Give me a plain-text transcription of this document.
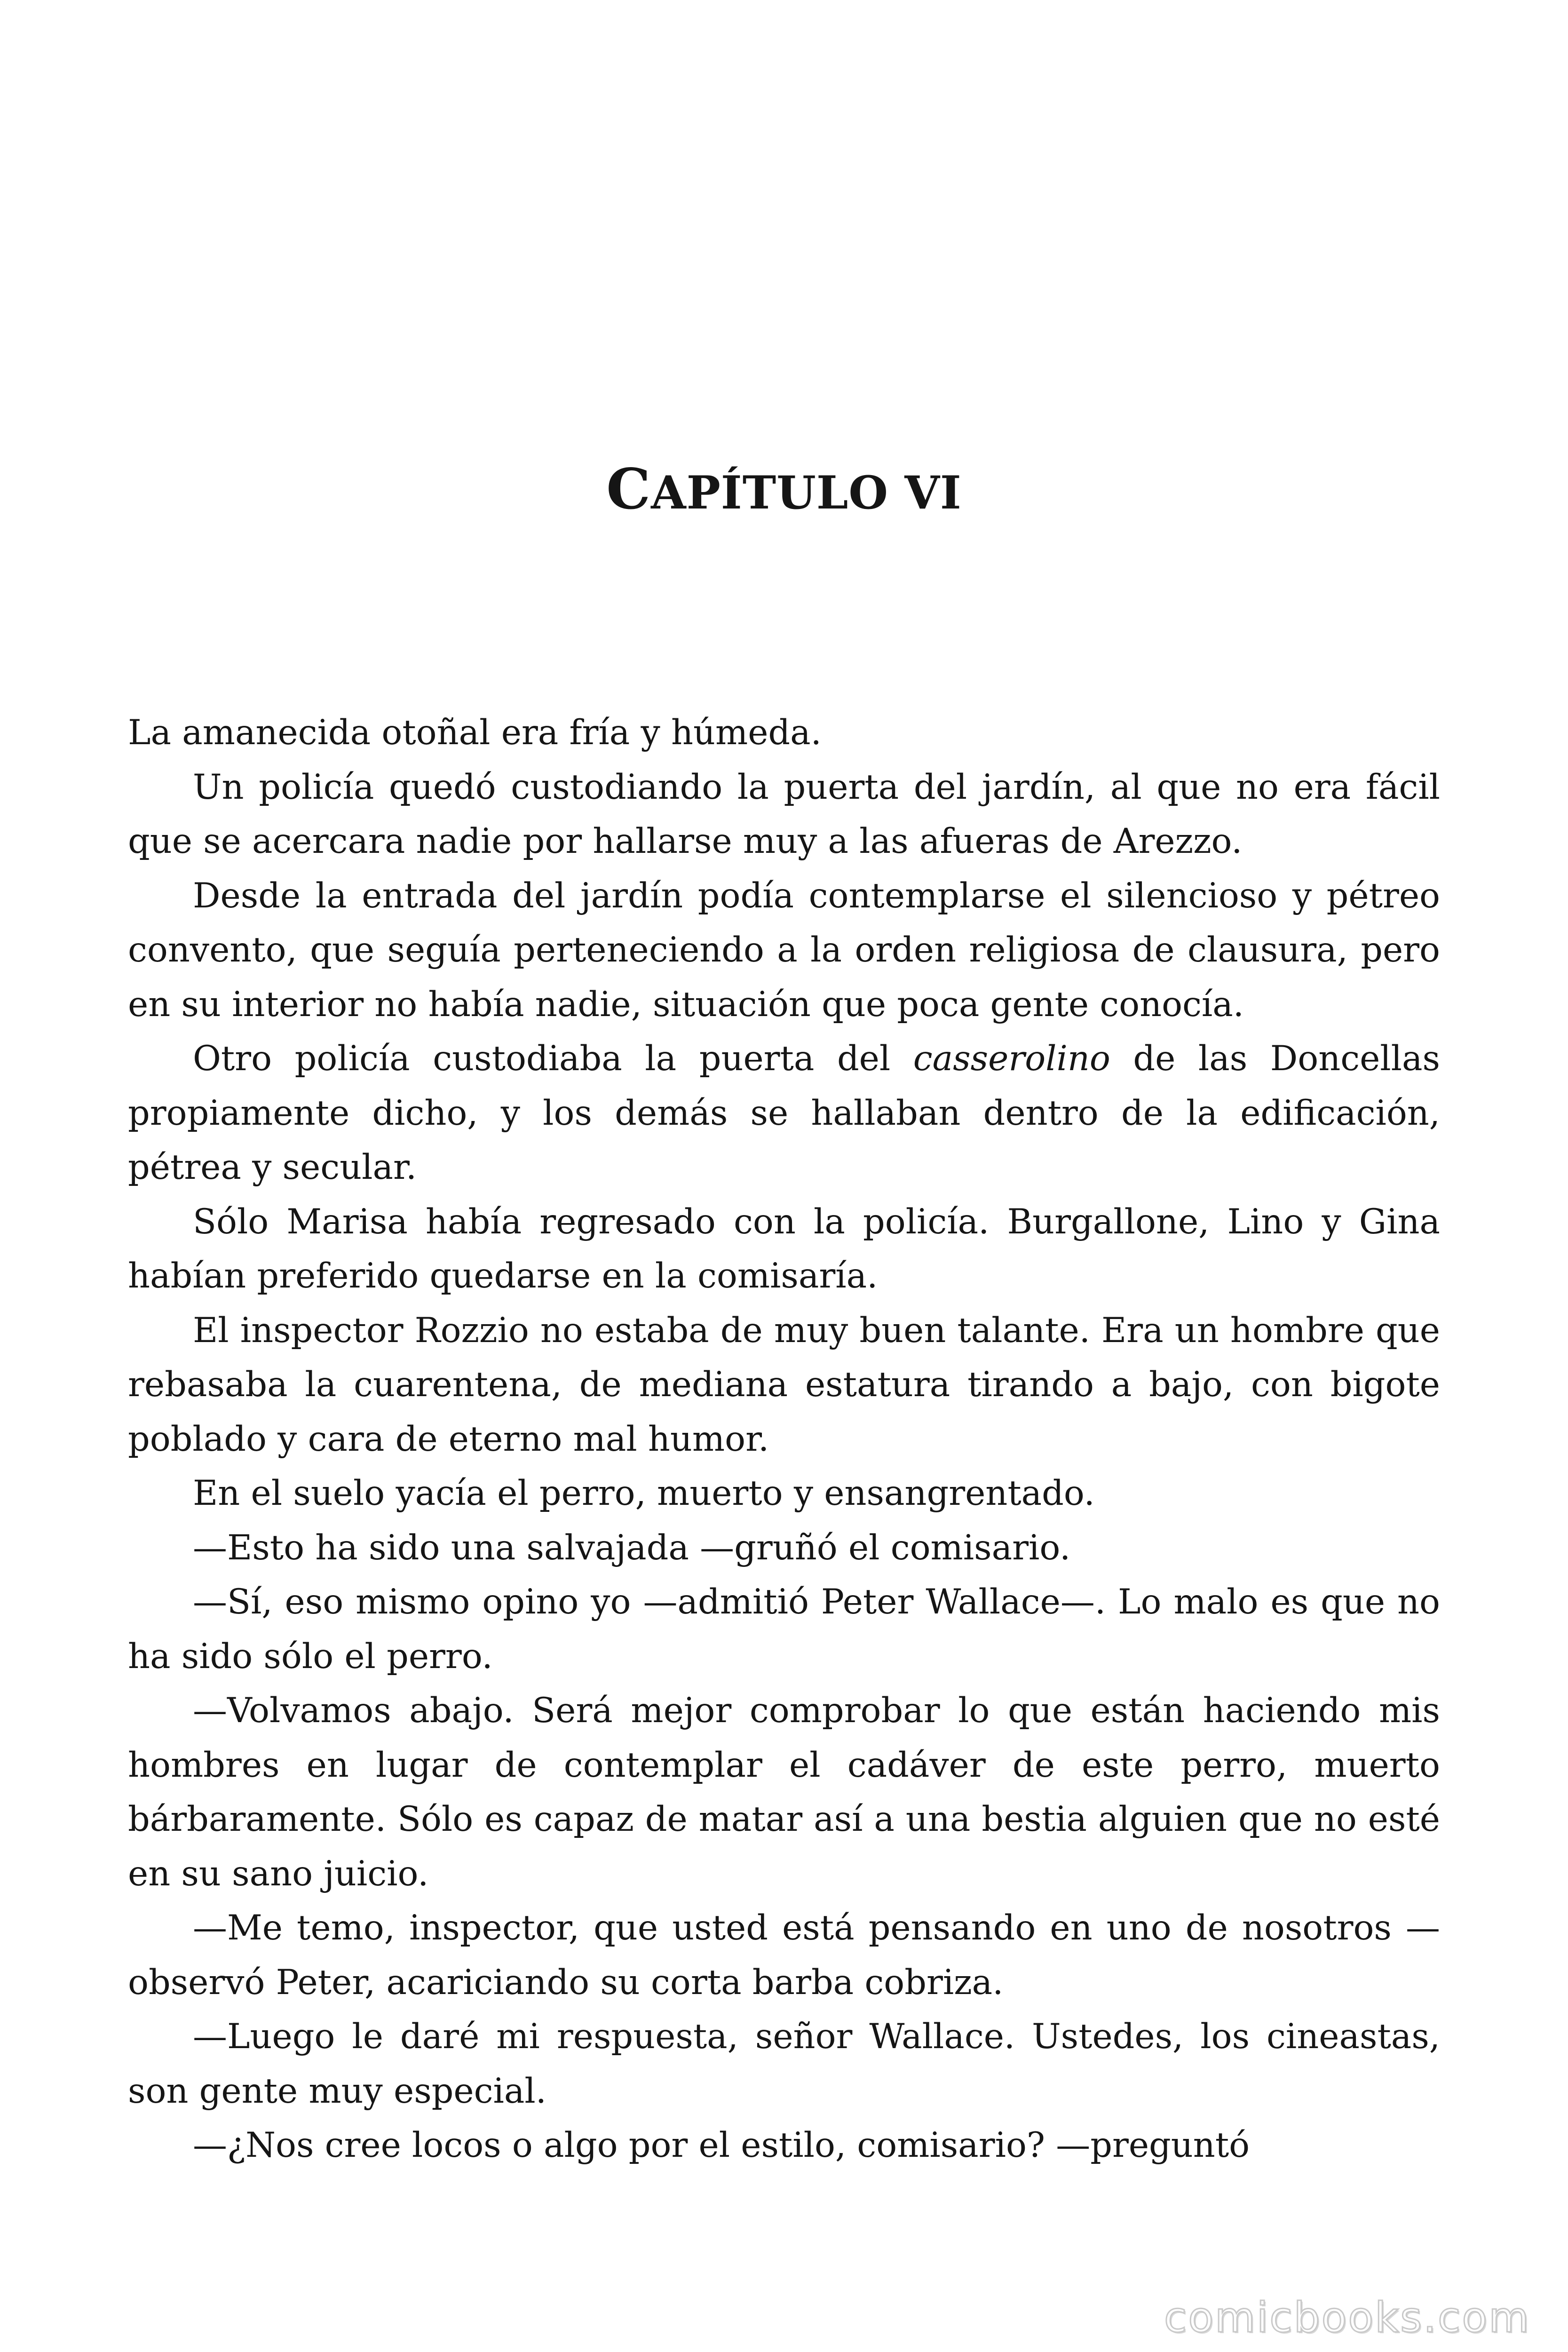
CAPÍTULO VI

La amanecida otoñal era fría y húmeda.

Un policía quedó custodiando la puerta del jardín, al que no era fácil que se acercara nadie por hallarse muy a las afueras de Arezzo.

Desde la entrada del jardín podía contemplarse el silencioso y pétreo convento, que seguía perteneciendo a la orden religiosa de clausura, pero en su interior no había nadie, situación que poca gente conocía.

Otro policía custodiaba la puerta del casserolino de las Doncellas propiamente dicho, y los demás se hallaban dentro de la edificación, pétrea y secular.

Sólo Marisa había regresado con la policía. Burgallone, Lino y Gina habían preferido quedarse en la comisaría.

El inspector Rozzio no estaba de muy buen talante. Era un hombre que rebasaba la cuarentena, de mediana estatura tirando a bajo, con bigote poblado y cara de eterno mal humor.

En el suelo yacía el perro, muerto y ensangrentado.

—Esto ha sido una salvajada —gruñó el comisario.

—Sí, eso mismo opino yo —admitió Peter Wallace—. Lo malo es que no ha sido sólo el perro.

—Volvamos abajo. Será mejor comprobar lo que están haciendo mis hombres en lugar de contemplar el cadáver de este perro, muerto bárbaramente. Sólo es capaz de matar así a una bestia alguien que no esté en su sano juicio.

—Me temo, inspector, que usted está pensando en uno de nosotros —observó Peter, acariciando su corta barba cobriza.

—Luego le daré mi respuesta, señor Wallace. Ustedes, los cineastas, son gente muy especial.

—¿Nos cree locos o algo por el estilo, comisario? —preguntó

comicbooks.com
